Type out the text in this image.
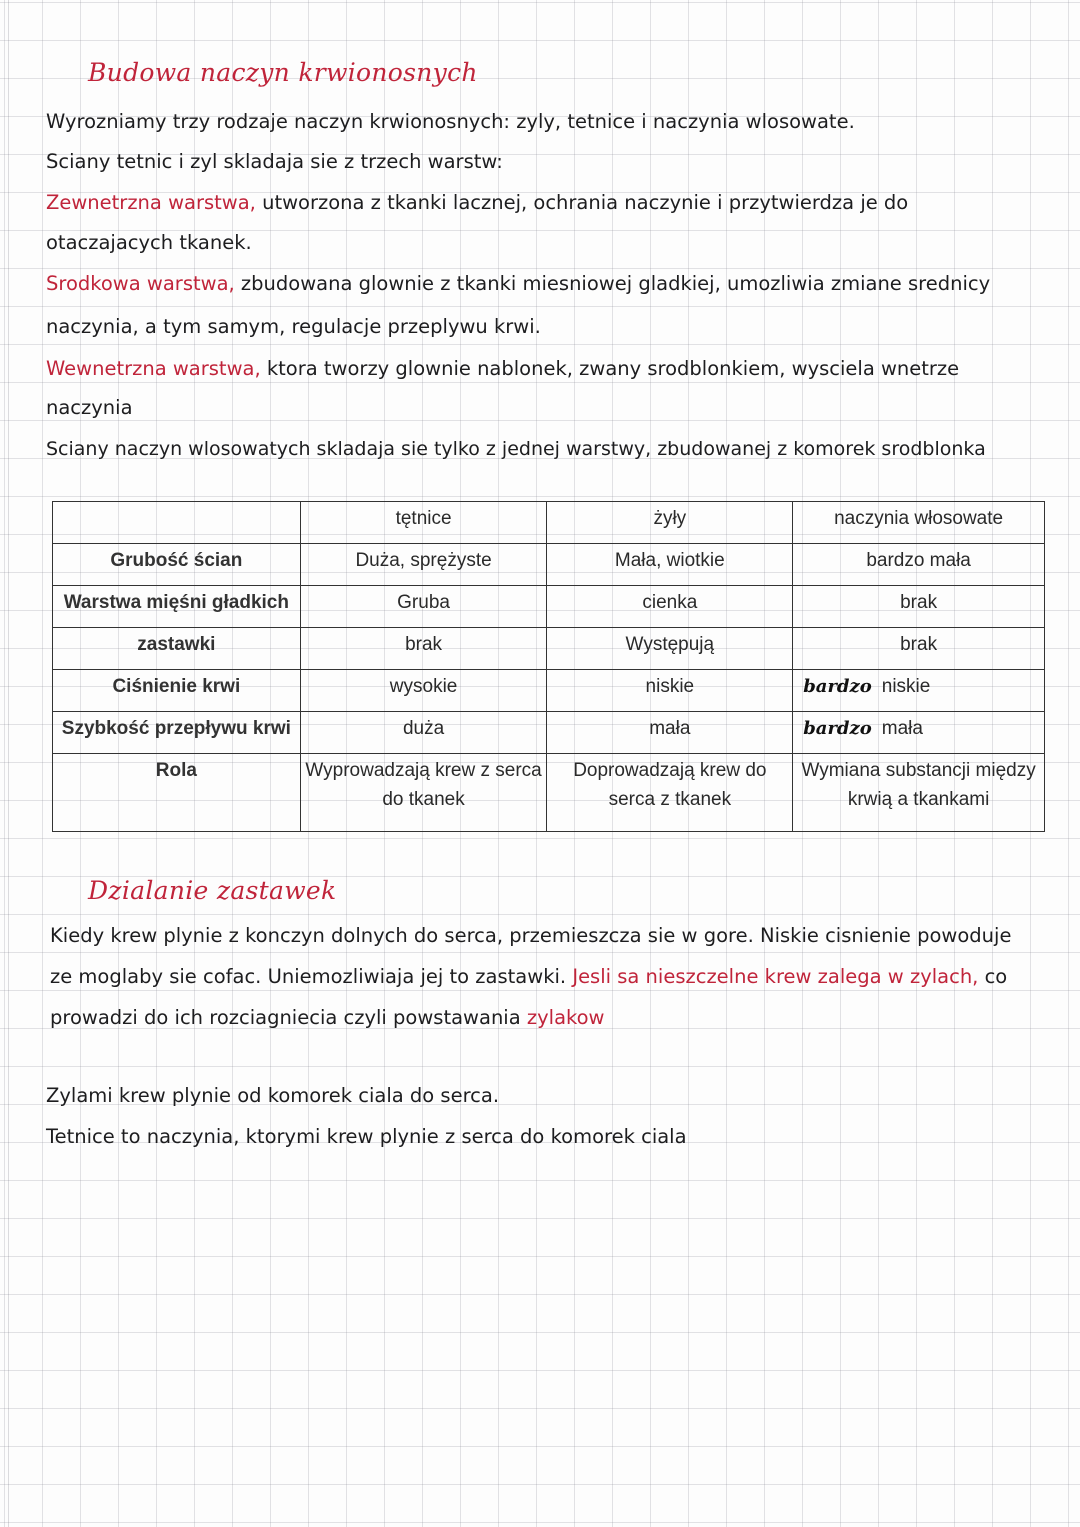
Budowa naczyn krwionosnych
Wyrozniamy trzy rodzaje naczyn krwionosnych: zyly, tetnice i naczynia wlosowate.
Sciany tetnic i zyl skladaja sie z trzech warstw:
Zewnetrzna warstwa, utworzona z tkanki lacznej, ochrania naczynie i przytwierdza je do
otaczajacych tkanek.
Srodkowa warstwa, zbudowana glownie z tkanki miesniowej gladkiej, umozliwia zmiane srednicy
naczynia, a tym samym, regulacje przeplywu krwi.
Wewnetrzna warstwa, ktora tworzy glownie nablonek, zwany srodblonkiem, wysciela wnetrze
naczynia
Sciany naczyn wlosowatych skladaja sie tylko z jednej warstwy, zbudowanej z komorek srodblonka
	tętnice	żyły	naczynia włosowate
Grubość ścian	Duża, sprężyste	Mała, wiotkie	bardzo mała
Warstwa mięśni gładkich	Gruba	cienka	brak
zastawki	brak	Występują	brak
Ciśnienie krwi	wysokie	niskie	bardzo niskie
Szybkość przepływu krwi	duża	mała	bardzo mała
Rola	Wyprowadzają krew z serca do tkanek	Doprowadzają krew do serca z tkanek	Wymiana substancji między krwią a tkankami
Dzialanie zastawek
Kiedy krew plynie z konczyn dolnych do serca, przemieszcza sie w gore. Niskie cisnienie powoduje
ze moglaby sie cofac. Uniemozliwiaja jej to zastawki. Jesli sa nieszczelne krew zalega w zylach, co
prowadzi do ich rozciagniecia czyli powstawania zylakow
Zylami krew plynie od komorek ciala do serca.
Tetnice to naczynia, ktorymi krew plynie z serca do komorek ciala
